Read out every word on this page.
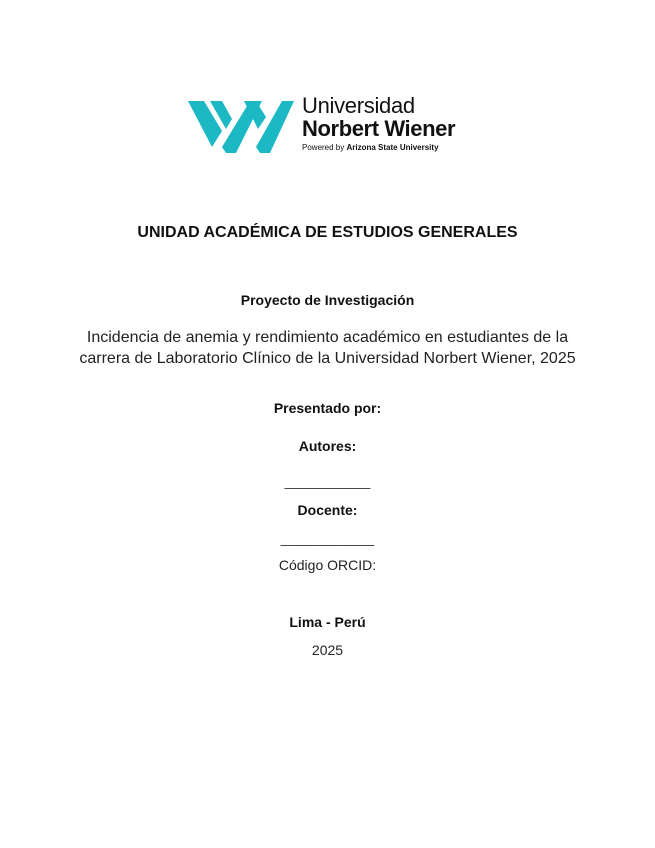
Universidad
Norbert Wiener
Powered by Arizona State University
UNIDAD ACADÉMICA DE ESTUDIOS GENERALES
Proyecto de Investigación
Incidencia de anemia y rendimiento académico en estudiantes de la carrera de Laboratorio Clínico de la Universidad Norbert Wiener, 2025
Presentado por:
Autores:
___________
Docente:
____________
Código ORCID:
Lima - Perú
2025
